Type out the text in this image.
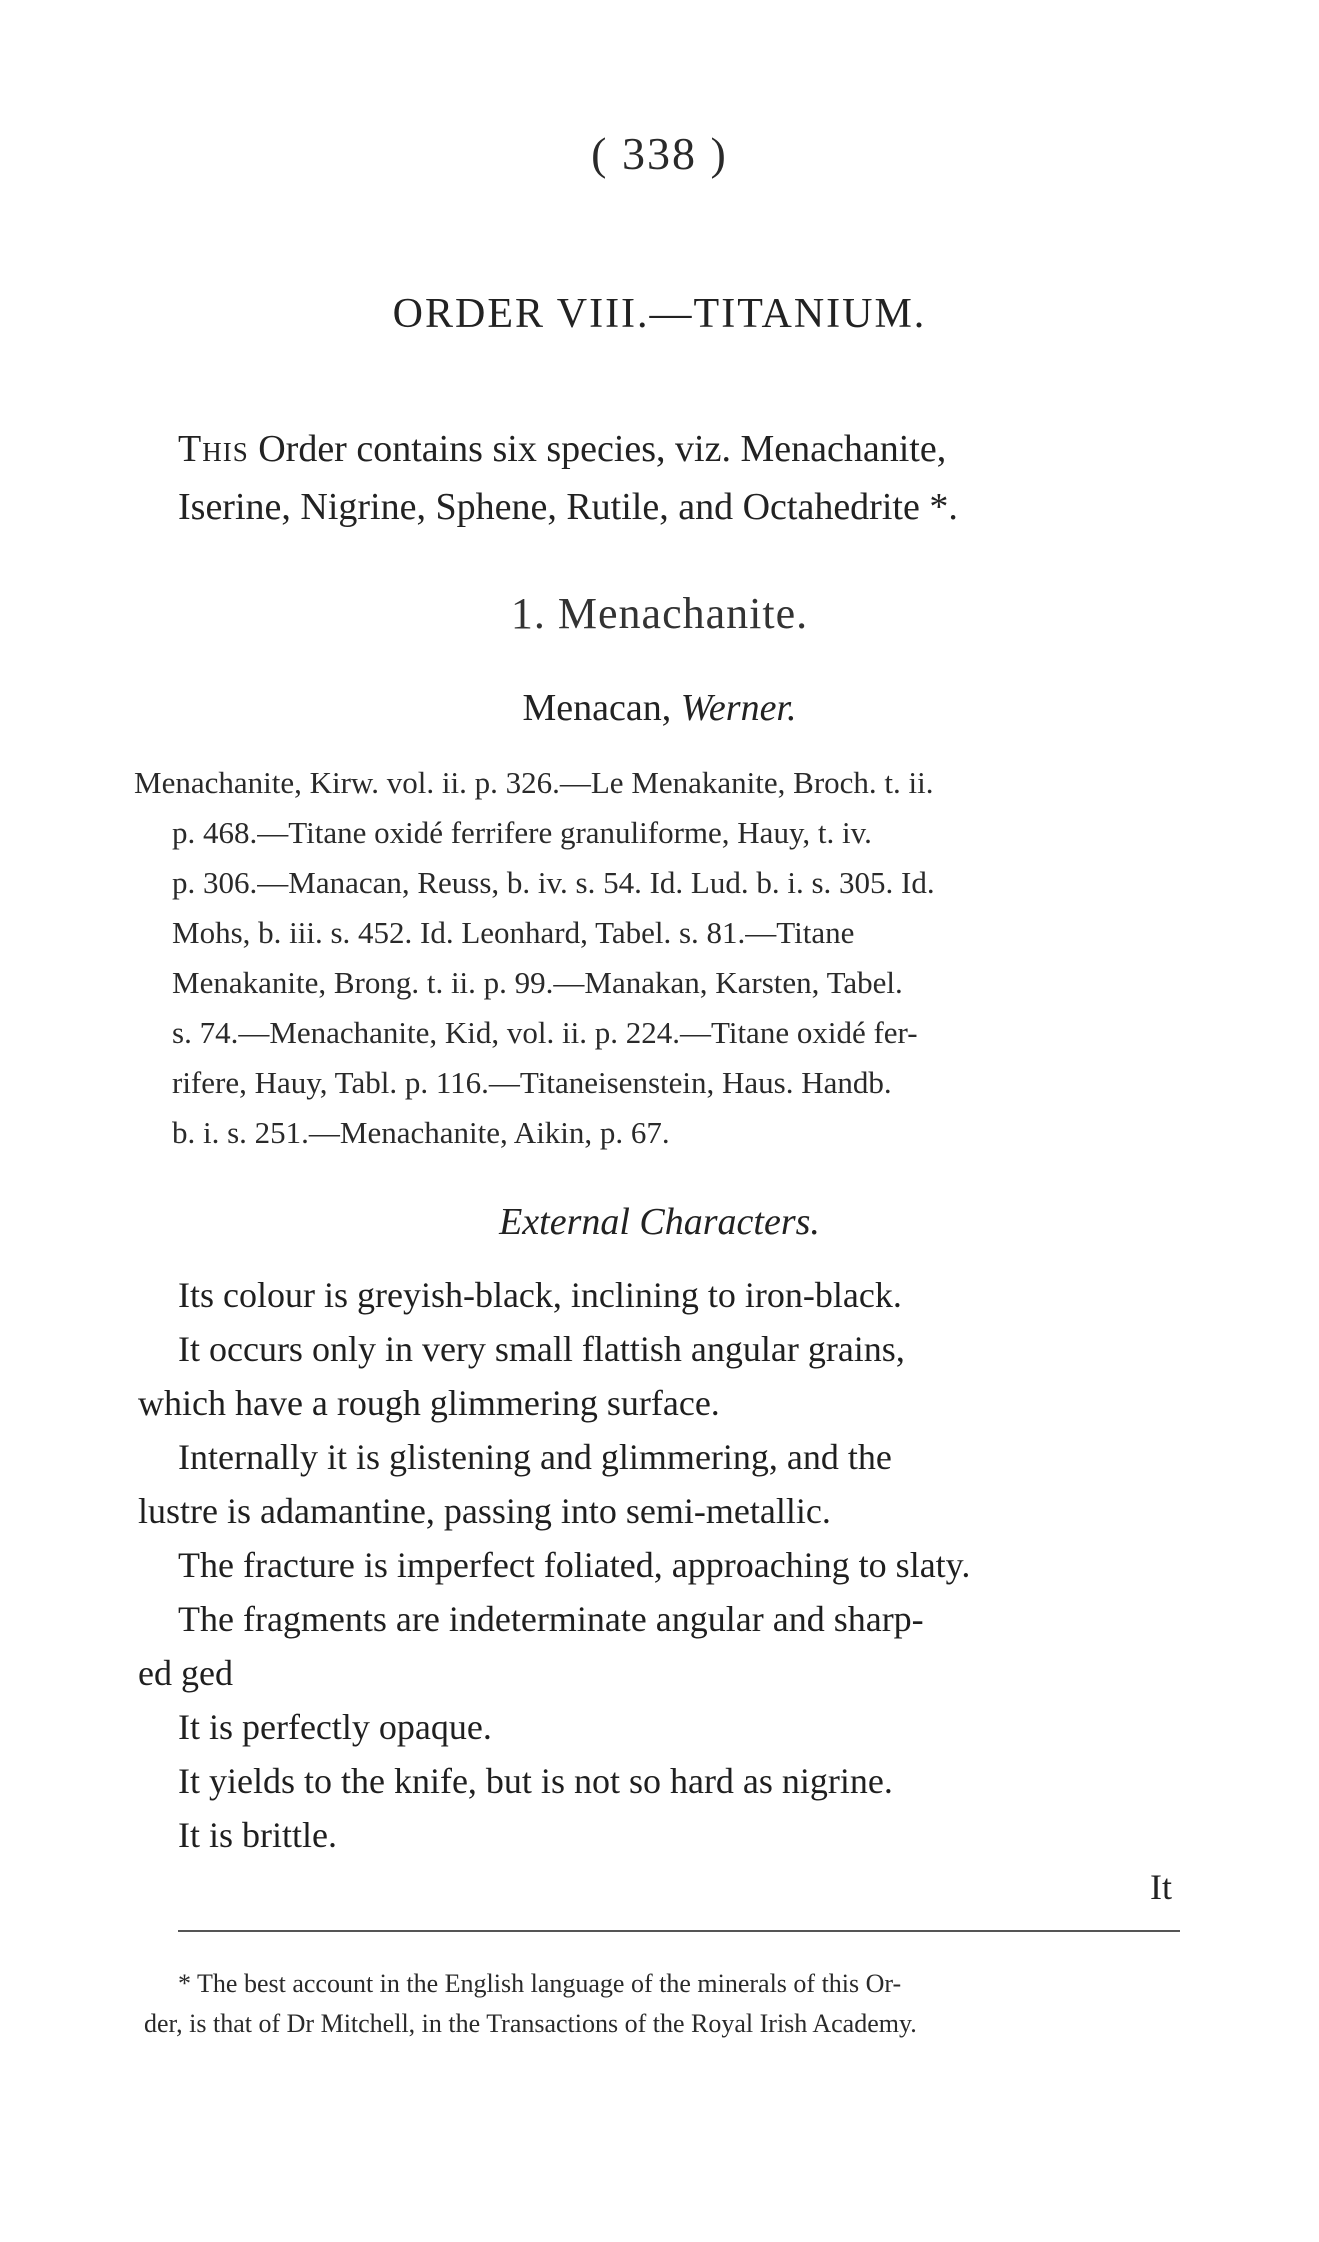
( 338 )
ORDER VIII.—TITANIUM.
This Order contains six species, viz. Menachanite,
Iserine, Nigrine, Sphene, Rutile, and Octahedrite *.
1. Menachanite.
Menacan, Werner.
Menachanite, Kirw. vol. ii. p. 326.—Le Menakanite, Broch. t. ii.
p. 468.—Titane oxidé ferrifere granuliforme, Hauy, t. iv.
p. 306.—Manacan, Reuss, b. iv. s. 54. Id. Lud. b. i. s. 305. Id.
Mohs, b. iii. s. 452. Id. Leonhard, Tabel. s. 81.—Titane
Menakanite, Brong. t. ii. p. 99.—Manakan, Karsten, Tabel.
s. 74.—Menachanite, Kid, vol. ii. p. 224.—Titane oxidé fer-
rifere, Hauy, Tabl. p. 116.—Titaneisenstein, Haus. Handb.
b. i. s. 251.—Menachanite, Aikin, p. 67.
External Characters.
Its colour is greyish-black, inclining to iron-black.
It occurs only in very small flattish angular grains,
which have a rough glimmering surface.
Internally it is glistening and glimmering, and the
lustre is adamantine, passing into semi-metallic.
The fracture is imperfect foliated, approaching to slaty.
The fragments are indeterminate angular and sharp-
ed ged
It is perfectly opaque.
It yields to the knife, but is not so hard as nigrine.
It is brittle.
It
* The best account in the English language of the minerals of this Or-
der, is that of Dr Mitchell, in the Transactions of the Royal Irish Academy.
